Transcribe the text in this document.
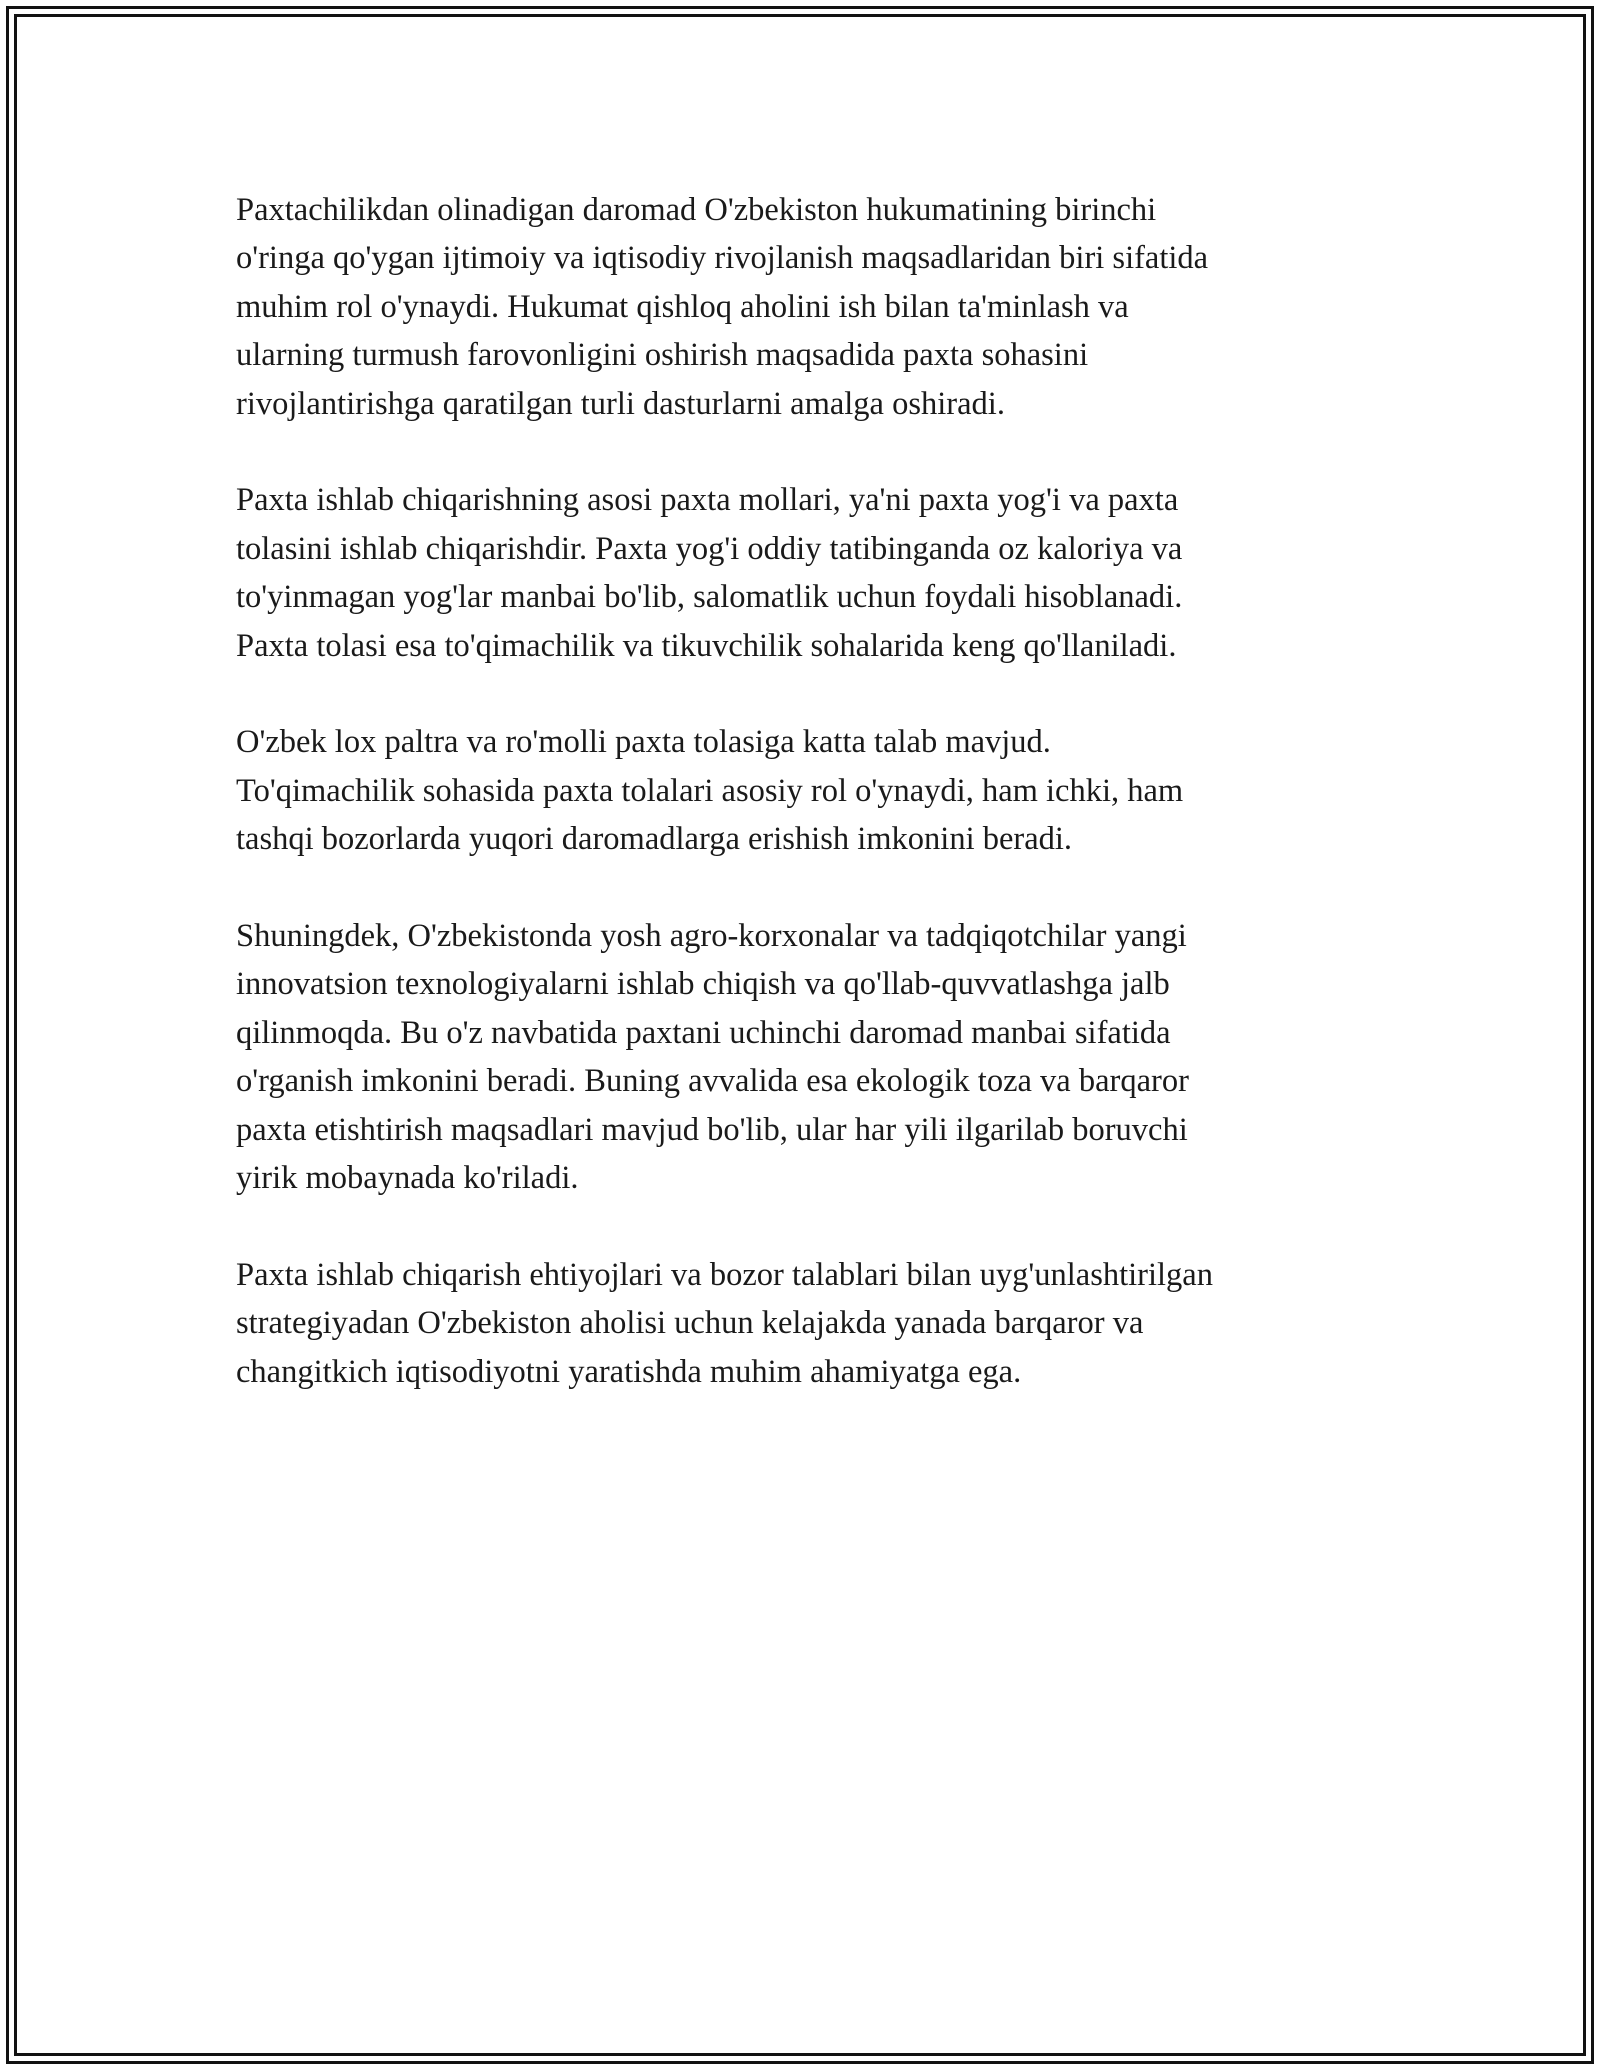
Paxtachilikdan olinadigan daromad O'zbekiston hukumatining birinchi
o'ringa qo'ygan ijtimoiy va iqtisodiy rivojlanish maqsadlaridan biri sifatida
muhim rol o'ynaydi. Hukumat qishloq aholini ish bilan ta'minlash va
ularning turmush farovonligini oshirish maqsadida paxta sohasini
rivojlantirishga qaratilgan turli dasturlarni amalga oshiradi.

Paxta ishlab chiqarishning asosi paxta mollari, ya'ni paxta yog'i va paxta
tolasini ishlab chiqarishdir. Paxta yog'i oddiy tatibinganda oz kaloriya va
to'yinmagan yog'lar manbai bo'lib, salomatlik uchun foydali hisoblanadi.
Paxta tolasi esa to'qimachilik va tikuvchilik sohalarida keng qo'llaniladi.

O'zbek lox paltra va ro'molli paxta tolasiga katta talab mavjud.
To'qimachilik sohasida paxta tolalari asosiy rol o'ynaydi, ham ichki, ham
tashqi bozorlarda yuqori daromadlarga erishish imkonini beradi.

Shuningdek, O'zbekistonda yosh agro-korxonalar va tadqiqotchilar yangi
innovatsion texnologiyalarni ishlab chiqish va qo'llab-quvvatlashga jalb
qilinmoqda. Bu o'z navbatida paxtani uchinchi daromad manbai sifatida
o'rganish imkonini beradi. Buning avvalida esa ekologik toza va barqaror
paxta etishtirish maqsadlari mavjud bo'lib, ular har yili ilgarilab boruvchi
yirik mobaynada ko'riladi.

Paxta ishlab chiqarish ehtiyojlari va bozor talablari bilan uyg'unlashtirilgan
strategiyadan O'zbekiston aholisi uchun kelajakda yanada barqaror va
changitkich iqtisodiyotni yaratishda muhim ahamiyatga ega.
